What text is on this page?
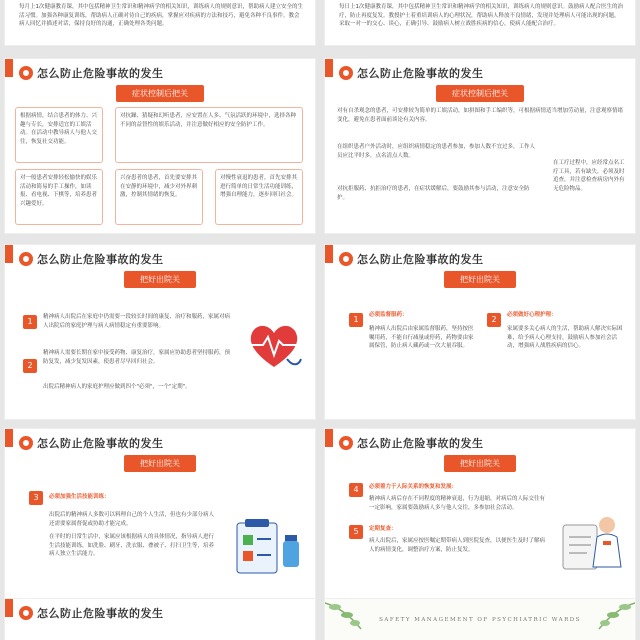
每月上1次健康教育课，其中包括精神卫生常识和精神病学的相关知识，训练病人的规则意识，帮助病人建立安全的生活习惯。加强各种康复训练，帮助病人正确对待自己的疾病，掌握应对疾病的方法和技巧，避免各种不良事件。教会病人回忆并描述对话，保持良好的沟通，正确处理各类问题。
每日上1次健康教育课，其中包括精神卫生常识和精神病学的相关知识，训练病人的规则意识。鼓励病人配合医生的治疗，防止再度复发。教授护士着重培训病人的心理状况，帮助病人释放不良情绪，发现并处理病人可能出现的问题，采取一对一的交心、谈心，正确引导、鼓励病人树立战胜疾病的信心，使病人能配合治疗。
怎么防止危险事故的发生
症状控制后把关
根据病情，结合患者的体力、兴趣与专长，安排适宜的工娱活动。在活动中教导病人与他人交往，恢复社交功能。
对抗躁、猜疑和幻听患者，应安置在人多、气氛活跃的环境中，选择各种不同的益智性的娱乐活动，并注意做好相应的安全防护工作。
对一般患者安排轻松愉快的娱乐活动和简易的手工操作，如读报、看电视、下棋等，培养患者兴趣爱好。
兴奋患者的患者，首先要安排其在安静的环境中，减少对外界刺激，控制其情绪的恢复。
对慢性衰退的患者，首先安排其进行简单的日常生活功能训练，增强自理能力，逐步回归社会。
怎么防止危险事故的发生
症状控制后把关
对有自杀观念的患者，可安排较为简单的工娱活动，如拼图和手工编织等，可根据病情适当增加劳动量，注意观察情绪变化，避免在患者面前谈论有关内容。
在组织患者户外活动时，应组织病情稳定的患者参加，参加人数不宜过多，工作人员应比平时多，点名清点人数。
对抗拒服药、抗拒治疗的患者，在症状缓解后，要鼓励其参与活动，注意安全防护。
在工疗过程中，应经常点名工疗工具，若有缺失，必须及时追查，并注意检查病房内外有无危险物品。
怎么防止危险事故的发生
把好出院关
1	精神病人出院后在家庭中仍需要一段较长时间的康复、治疗和服药，家属对病人出院后的家庭护理与病人病情稳定有重要影响。
2
精神病人需要长期在家中接受药物、康复治疗，家属应协助患者坚持服药，预防复发，减少复发因素，使患者尽早回归社会。
出院后精神病人的家庭护理应做到四个"必须"，一个"定期"。
怎么防止危险事故的发生
把好出院关
1	必须监督服药：
精神病人出院后由家属监督服药，坚持按医嘱用药，不能自行减量或停药，药物要由家属保管，防止病人藏药或一次大量吞服。
2	必须做好心理护理：
家属要多关心病人的生活，帮助病人解决实际困难，给予病人心理支持，鼓励病人参加社会活动，增强病人战胜疾病的信心。
怎么防止危险事故的发生
把好出院关
3	必须加强生活技能训练：
出院后的精神病人多数可以料理自己的个人生活，但也有少部分病人还需要家属督促或协助才能完成。
在平时的日常生活中，家属应该根据病人的具体情况，指导病人进行生活技能训练，如洗脸、刷牙、洗衣服、叠被子、打扫卫生等，培养病人独立生活能力。
怎么防止危险事故的发生
把好出院关
4	必须着力于人际关系的恢复和发展：
精神病人病后存在不同程度的精神衰退，行为退缩，对病后的人际交往有一定影响，家属要鼓励病人多与他人交往，多参加社会活动。
5	定期复查：
病人出院后，家属应按医嘱定期带病人到医院复查，以便医生及时了解病人的病情变化，调整治疗方案，防止复发。
怎么防止危险事故的发生	SAFETY MANAGEMENT OF PSYCHIATRIC WARDS
